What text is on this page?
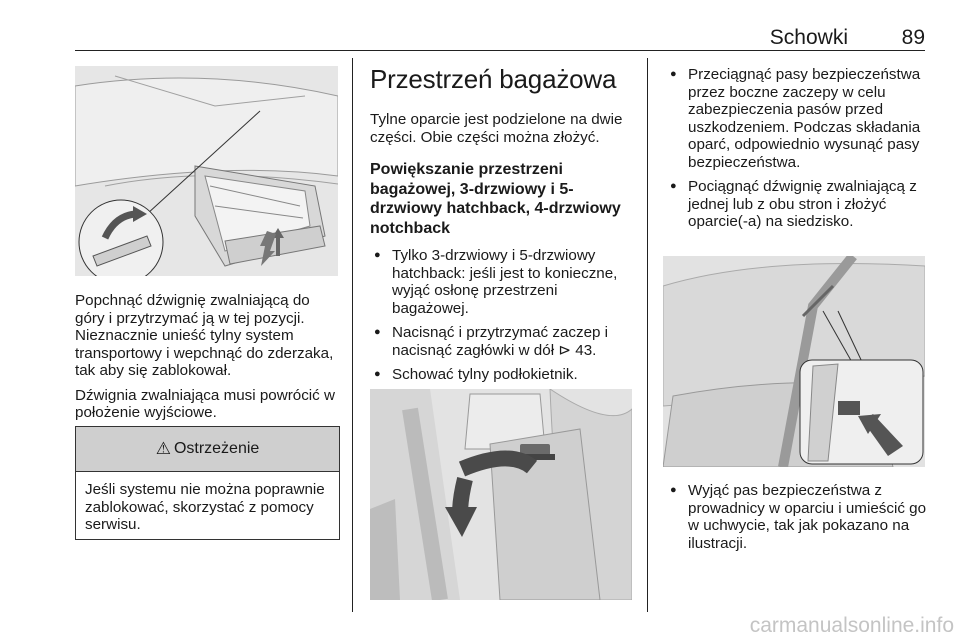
Schowki	89

Popchnąć dźwignię zwalniającą do góry i przytrzymać ją w tej pozycji. Nieznacznie unieść tylny system transportowy i wepchnąć do zderzaka, tak aby się zablokował.

Dźwignia zwalniająca musi powrócić w położenie wyjściowe.

⚠ Ostrzeżenie
Jeśli systemu nie można poprawnie zablokować, skorzystać z pomocy serwisu.
Przestrzeń bagażowa

Tylne oparcie jest podzielone na dwie części. Obie części można złożyć.

Powiększanie przestrzeni bagażowej, 3-drzwiowy i 5-drzwiowy hatchback, 4-drzwiowy notchback
● Tylko 3-drzwiowy i 5-drzwiowy hatchback: jeśli jest to konieczne, wyjąć osłonę przestrzeni bagażowej.
● Nacisnąć i przytrzymać zaczep i nacisnąć zagłówki w dół ⊳ 43.
● Schować tylny podłokietnik.
● Przeciągnąć pasy bezpieczeństwa przez boczne zaczepy w celu zabezpieczenia pasów przed uszkodzeniem. Podczas składania oparć, odpowiednio wysunąć pasy bezpieczeństwa.
● Pociągnąć dźwignię zwalniającą z jednej lub z obu stron i złożyć oparcie(-a) na siedzisko.
● Wyjąć pas bezpieczeństwa z prowadnicy w oparciu i umieścić go w uchwycie, tak jak pokazano na ilustracji.
carmanualsonline.info
